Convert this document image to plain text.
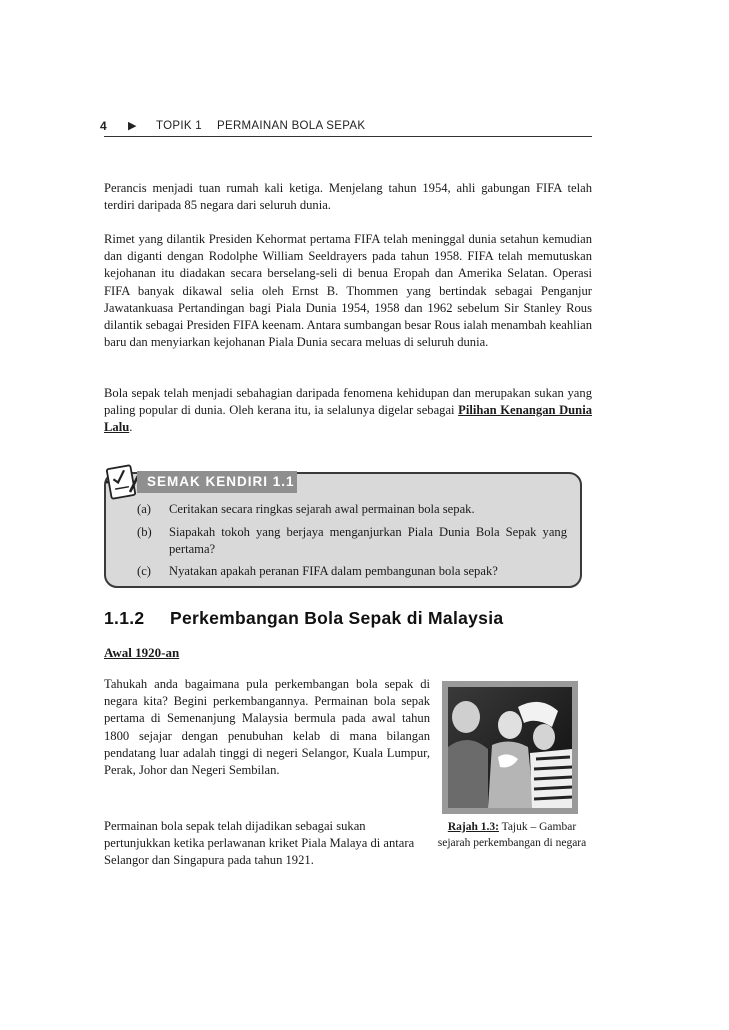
4 ▶ TOPIK 1 PERMAINAN BOLA SEPAK

Perancis menjadi tuan rumah kali ketiga. Menjelang tahun 1954, ahli gabungan FIFA telah terdiri daripada 85 negara dari seluruh dunia.

Rimet yang dilantik Presiden Kehormat pertama FIFA telah meninggal dunia setahun kemudian dan diganti dengan Rodolphe William Seeldrayers pada tahun 1958. FIFA telah memutuskan kejohanan itu diadakan secara berselang-seli di benua Eropah dan Amerika Selatan. Operasi FIFA banyak dikawal selia oleh Ernst B. Thommen yang bertindak sebagai Penganjur Jawatankuasa Pertandingan bagi Piala Dunia 1954, 1958 dan 1962 sebelum Sir Stanley Rous dilantik sebagai Presiden FIFA keenam. Antara sumbangan besar Rous ialah menambah keahlian baru dan menyiarkan kejohanan Piala Dunia secara meluas di seluruh dunia.

Bola sepak telah menjadi sebahagian daripada fenomena kehidupan dan merupakan sukan yang paling popular di dunia. Oleh kerana itu, ia selalunya digelar sebagai Pilihan Kenangan Dunia Lalu.

SEMAK KENDIRI 1.1
(a) Ceritakan secara ringkas sejarah awal permainan bola sepak.
(b) Siapakah tokoh yang berjaya menganjurkan Piala Dunia Bola Sepak yang pertama?
(c) Nyatakan apakah peranan FIFA dalam pembangunan bola sepak?
1.1.2 Perkembangan Bola Sepak di Malaysia
Awal 1920-an

Tahukah anda bagaimana pula perkembangan bola sepak di negara kita? Begini perkembangannya. Permainan bola sepak pertama di Semenanjung Malaysia bermula pada awal tahun 1800 sejajar dengan penubuhan kelab di mana bilangan pendatang luar adalah tinggi di negeri Selangor, Kuala Lumpur, Perak, Johor dan Negeri Sembilan.

Permainan bola sepak telah dijadikan sebagai sukan pertunjukkan ketika perlawanan kriket Piala Malaya di antara Selangor dan Singapura pada tahun 1921.

Rajah 1.3: Tajuk – Gambar sejarah perkembangan di negara
